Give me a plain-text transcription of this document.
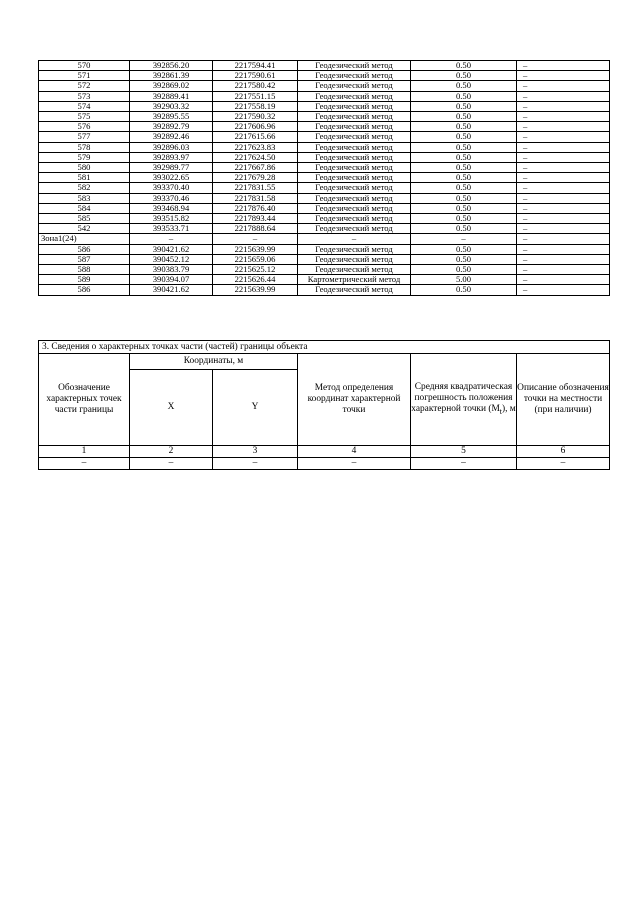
570	392856.20	2217594.41	Геодезический метод	0.50	–
571	392861.39	2217590.61	Геодезический метод	0.50	–
572	392869.02	2217580.42	Геодезический метод	0.50	–
573	392889.41	2217551.15	Геодезический метод	0.50	–
574	392903.32	2217558.19	Геодезический метод	0.50	–
575	392895.55	2217590.32	Геодезический метод	0.50	–
576	392892.79	2217606.96	Геодезический метод	0.50	–
577	392892.46	2217615.66	Геодезический метод	0.50	–
578	392896.03	2217623.83	Геодезический метод	0.50	–
579	392893.97	2217624.50	Геодезический метод	0.50	–
580	392989.77	2217667.86	Геодезический метод	0.50	–
581	393022.65	2217679.28	Геодезический метод	0.50	–
582	393370.40	2217831.55	Геодезический метод	0.50	–
583	393370.46	2217831.58	Геодезический метод	0.50	–
584	393468.94	2217876.40	Геодезический метод	0.50	–
585	393515.82	2217893.44	Геодезический метод	0.50	–
542	393533.71	2217888.64	Геодезический метод	0.50	–
Зона1(24)	–	–	–	–	–
586	390421.62	2215639.99	Геодезический метод	0.50	–
587	390452.12	2215659.06	Геодезический метод	0.50	–
588	390383.79	2215625.12	Геодезический метод	0.50	–
589	390394.07	2215626.44	Картометрический метод	5.00	–
586	390421.62	2215639.99	Геодезический метод	0.50	–
3. Сведения о характерных точках части (частей) границы объекта					
Обозначение характерных точек части границы	Координаты, м		Метод определения координат характерной точки	Средняя квадратическая погрешность положения характерной точки $(M_t)$, м	Описание обозначения точки на местности (при наличии)
	X	Y			
1	2	3	4	5	6
–	–	–	–	–	–
